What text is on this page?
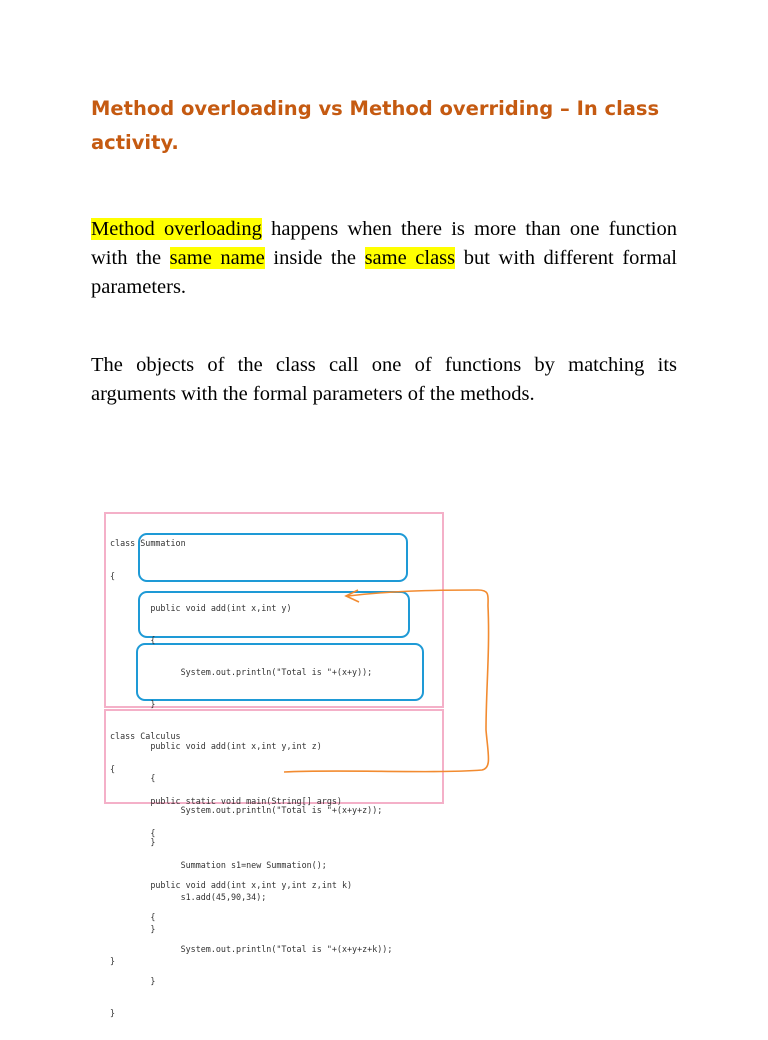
Method overloading vs Method overriding – In class activity.

Method overloading happens when there is more than one function with the same name inside the same class but with different formal parameters.

The objects of the class call one of functions by matching its arguments with the formal parameters of the methods.

class Summation

{

public void add(int x,int y)

{

System.out.println("Total is "+(x+y));

}

public void add(int x,int y,int z)

{

System.out.println("Total is "+(x+y+z));

}

public void add(int x,int y,int z,int k)

{

System.out.println("Total is "+(x+y+z+k));

}

}

class Calculus

{

public static void main(String[] args)

{

Summation s1=new Summation();

s1.add(45,90,34);

}

}
